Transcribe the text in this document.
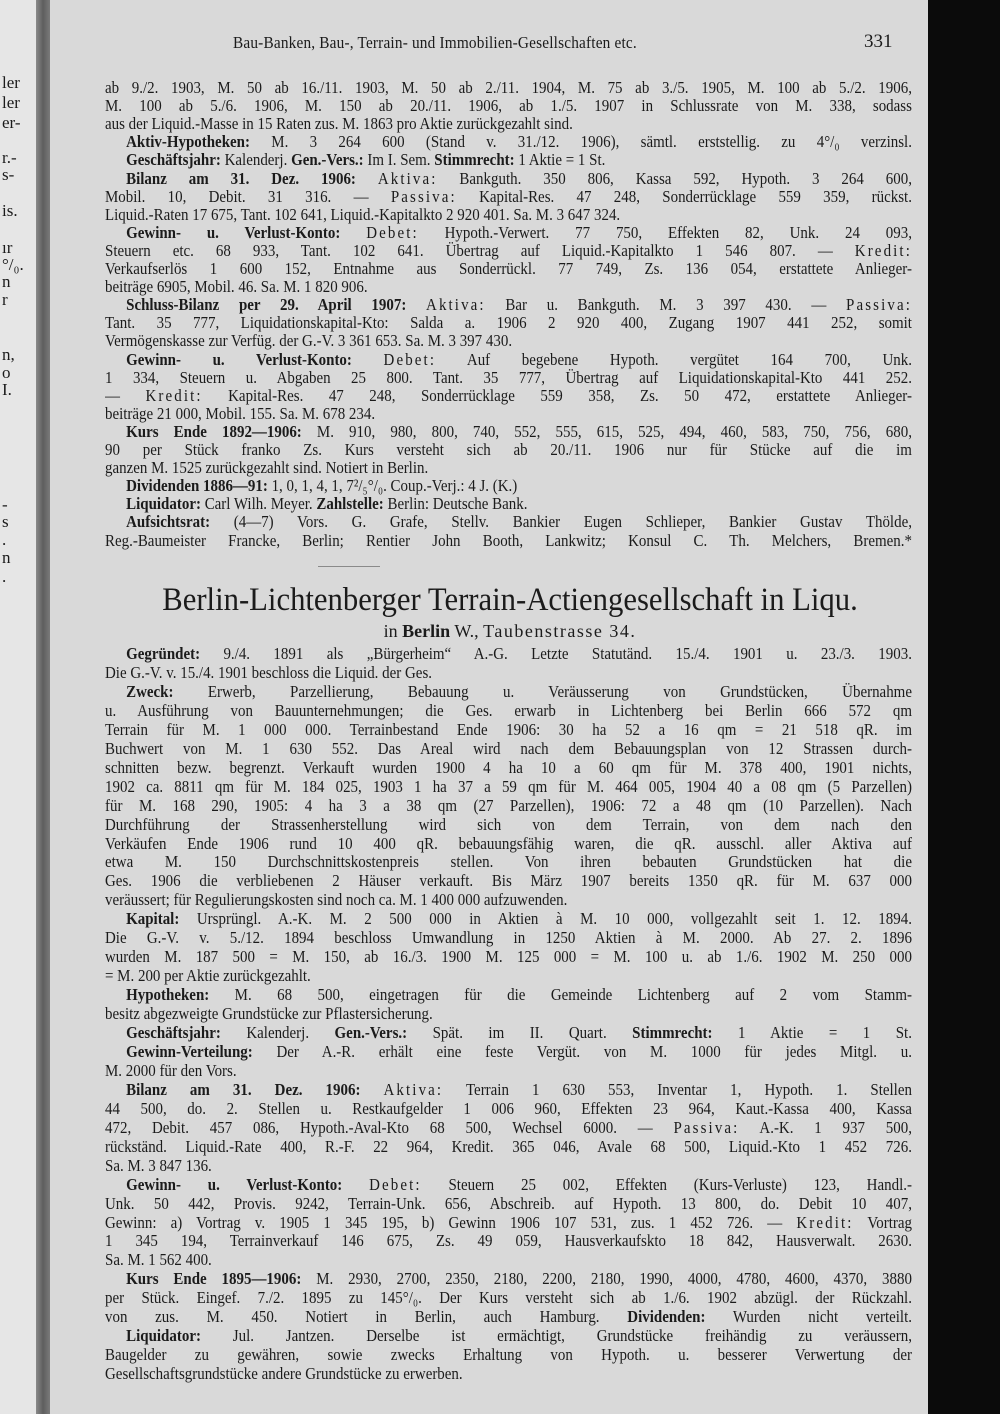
ler
ler
er-
r.-
s-
is.
ır
°/₀.
n
r
n,
o
I.
-
s
.
n
.
Bau-Banken, Bau-, Terrain- und Immobilien-Gesellschaften etc.	331
ab 9./2. 1903, M. 50 ab 16./11. 1903, M. 50 ab 2./11. 1904, M. 75 ab 3./5. 1905, M. 100 ab 5./2. 1906,
M. 100 ab 5./6. 1906, M. 150 ab 20./11. 1906, ab 1./5. 1907 in Schlussrate von M. 338, sodass
aus der Liquid.-Masse in 15 Raten zus. M. 1863 pro Aktie zurückgezahlt sind.
Aktiv-Hypotheken: M. 3 264 600 (Stand v. 31./12. 1906), sämtl. erststellig. zu 4°/₀ verzinsl.
Geschäftsjahr: Kalenderj. Gen.-Vers.: Im I. Sem. Stimmrecht: 1 Aktie = 1 St.
Bilanz am 31. Dez. 1906: Aktiva: Bankguth. 350 806, Kassa 592, Hypoth. 3 264 600,
Mobil. 10, Debit. 31 316. — Passiva: Kapital-Res. 47 248, Sonderrücklage 559 359, rückst.
Liquid.-Raten 17 675, Tant. 102 641, Liquid.-Kapitalkto 2 920 401. Sa. M. 3 647 324.
Gewinn- u. Verlust-Konto: Debet: Hypoth.-Verwert. 77 750, Effekten 82, Unk. 24 093,
Steuern etc. 68 933, Tant. 102 641. Übertrag auf Liquid.-Kapitalkto 1 546 807. — Kredit:
Verkaufserlös 1 600 152, Entnahme aus Sonderrückl. 77 749, Zs. 136 054, erstattete Anlieger-
beiträge 6905, Mobil. 46. Sa. M. 1 820 906.
Schluss-Bilanz per 29. April 1907: Aktiva: Bar u. Bankguth. M. 3 397 430. — Passiva:
Tant. 35 777, Liquidationskapital-Kto: Salda a. 1906 2 920 400, Zugang 1907 441 252, somit
Vermögenskasse zur Verfüg. der G.-V. 3 361 653. Sa. M. 3 397 430.
Gewinn- u. Verlust-Konto: Debet: Auf begebene Hypoth. vergütet 164 700, Unk.
1 334, Steuern u. Abgaben 25 800. Tant. 35 777, Übertrag auf Liquidationskapital-Kto 441 252.
— Kredit: Kapital-Res. 47 248, Sonderrücklage 559 358, Zs. 50 472, erstattete Anlieger-
beiträge 21 000, Mobil. 155. Sa. M. 678 234.
Kurs Ende 1892—1906: M. 910, 980, 800, 740, 552, 555, 615, 525, 494, 460, 583, 750, 756, 680,
90 per Stück franko Zs. Kurs versteht sich ab 20./11. 1906 nur für Stücke auf die im
ganzen M. 1525 zurückgezahlt sind. Notiert in Berlin.
Dividenden 1886—91: 1, 0, 1, 4, 1, 7²/₅°/₀. Coup.-Verj.: 4 J. (K.)
Liquidator: Carl Wilh. Meyer. Zahlstelle: Berlin: Deutsche Bank.
Aufsichtsrat: (4—7) Vors. G. Grafe, Stellv. Bankier Eugen Schlieper, Bankier Gustav Thölde,
Reg.-Baumeister Francke, Berlin; Rentier John Booth, Lankwitz; Konsul C. Th. Melchers, Bremen.*
Berlin-Lichtenberger Terrain-Actiengesellschaft in Liqu.
in Berlin W., Taubenstrasse 34.
Gegründet: 9./4. 1891 als „Bürgerheim“ A.-G. Letzte Statutänd. 15./4. 1901 u. 23./3. 1903.
Die G.-V. v. 15./4. 1901 beschloss die Liquid. der Ges.
Zweck: Erwerb, Parzellierung, Bebauung u. Veräusserung von Grundstücken, Übernahme
u. Ausführung von Bauunternehmungen; die Ges. erwarb in Lichtenberg bei Berlin 666 572 qm
Terrain für M. 1 000 000. Terrainbestand Ende 1906: 30 ha 52 a 16 qm = 21 518 qR. im
Buchwert von M. 1 630 552. Das Areal wird nach dem Bebauungsplan von 12 Strassen durch-
schnitten bezw. begrenzt. Verkauft wurden 1900 4 ha 10 a 60 qm für M. 378 400, 1901 nichts,
1902 ca. 8811 qm für M. 184 025, 1903 1 ha 37 a 59 qm für M. 464 005, 1904 40 a 08 qm (5 Parzellen)
für M. 168 290, 1905: 4 ha 3 a 38 qm (27 Parzellen), 1906: 72 a 48 qm (10 Parzellen). Nach
Durchführung der Strassenherstellung wird sich von dem Terrain, von dem nach den
Verkäufen Ende 1906 rund 10 400 qR. bebauungsfähig waren, die qR. ausschl. aller Aktiva auf
etwa M. 150 Durchschnittskostenpreis stellen. Von ihren bebauten Grundstücken hat die
Ges. 1906 die verbliebenen 2 Häuser verkauft. Bis März 1907 bereits 1350 qR. für M. 637 000
veräussert; für Regulierungskosten sind noch ca. M. 1 400 000 aufzuwenden.
Kapital: Ursprüngl. A.-K. M. 2 500 000 in Aktien à M. 10 000, vollgezahlt seit 1. 12. 1894.
Die G.-V. v. 5./12. 1894 beschloss Umwandlung in 1250 Aktien à M. 2000. Ab 27. 2. 1896
wurden M. 187 500 = M. 150, ab 16./3. 1900 M. 125 000 = M. 100 u. ab 1./6. 1902 M. 250 000
= M. 200 per Aktie zurückgezahlt.
Hypotheken: M. 68 500, eingetragen für die Gemeinde Lichtenberg auf 2 vom Stamm-
besitz abgezweigte Grundstücke zur Pflastersicherung.
Geschäftsjahr: Kalenderj. Gen.-Vers.: Spät. im II. Quart. Stimmrecht: 1 Aktie = 1 St.
Gewinn-Verteilung: Der A.-R. erhält eine feste Vergüt. von M. 1000 für jedes Mitgl. u.
M. 2000 für den Vors.
Bilanz am 31. Dez. 1906: Aktiva: Terrain 1 630 553, Inventar 1, Hypoth. 1. Stellen
44 500, do. 2. Stellen u. Restkaufgelder 1 006 960, Effekten 23 964, Kaut.-Kassa 400, Kassa
472, Debit. 457 086, Hypoth.-Aval-Kto 68 500, Wechsel 6000. — Passiva: A.-K. 1 937 500,
rückständ. Liquid.-Rate 400, R.-F. 22 964, Kredit. 365 046, Avale 68 500, Liquid.-Kto 1 452 726.
Sa. M. 3 847 136.
Gewinn- u. Verlust-Konto: Debet: Steuern 25 002, Effekten (Kurs-Verluste) 123, Handl.-
Unk. 50 442, Provis. 9242, Terrain-Unk. 656, Abschreib. auf Hypoth. 13 800, do. Debit 10 407,
Gewinn: a) Vortrag v. 1905 1 345 195, b) Gewinn 1906 107 531, zus. 1 452 726. — Kredit: Vortrag
1 345 194, Terrainverkauf 146 675, Zs. 49 059, Hausverkaufskto 18 842, Hausverwalt. 2630.
Sa. M. 1 562 400.
Kurs Ende 1895—1906: M. 2930, 2700, 2350, 2180, 2200, 2180, 1990, 4000, 4780, 4600, 4370, 3880
per Stück. Eingef. 7./2. 1895 zu 145°/₀. Der Kurs versteht sich ab 1./6. 1902 abzügl. der Rückzahl.
von zus. M. 450. Notiert in Berlin, auch Hamburg. Dividenden: Wurden nicht verteilt.
Liquidator: Jul. Jantzen. Derselbe ist ermächtigt, Grundstücke freihändig zu veräussern,
Baugelder zu gewähren, sowie zwecks Erhaltung von Hypoth. u. besserer Verwertung der
Gesellschaftsgrundstücke andere Grundstücke zu erwerben.
